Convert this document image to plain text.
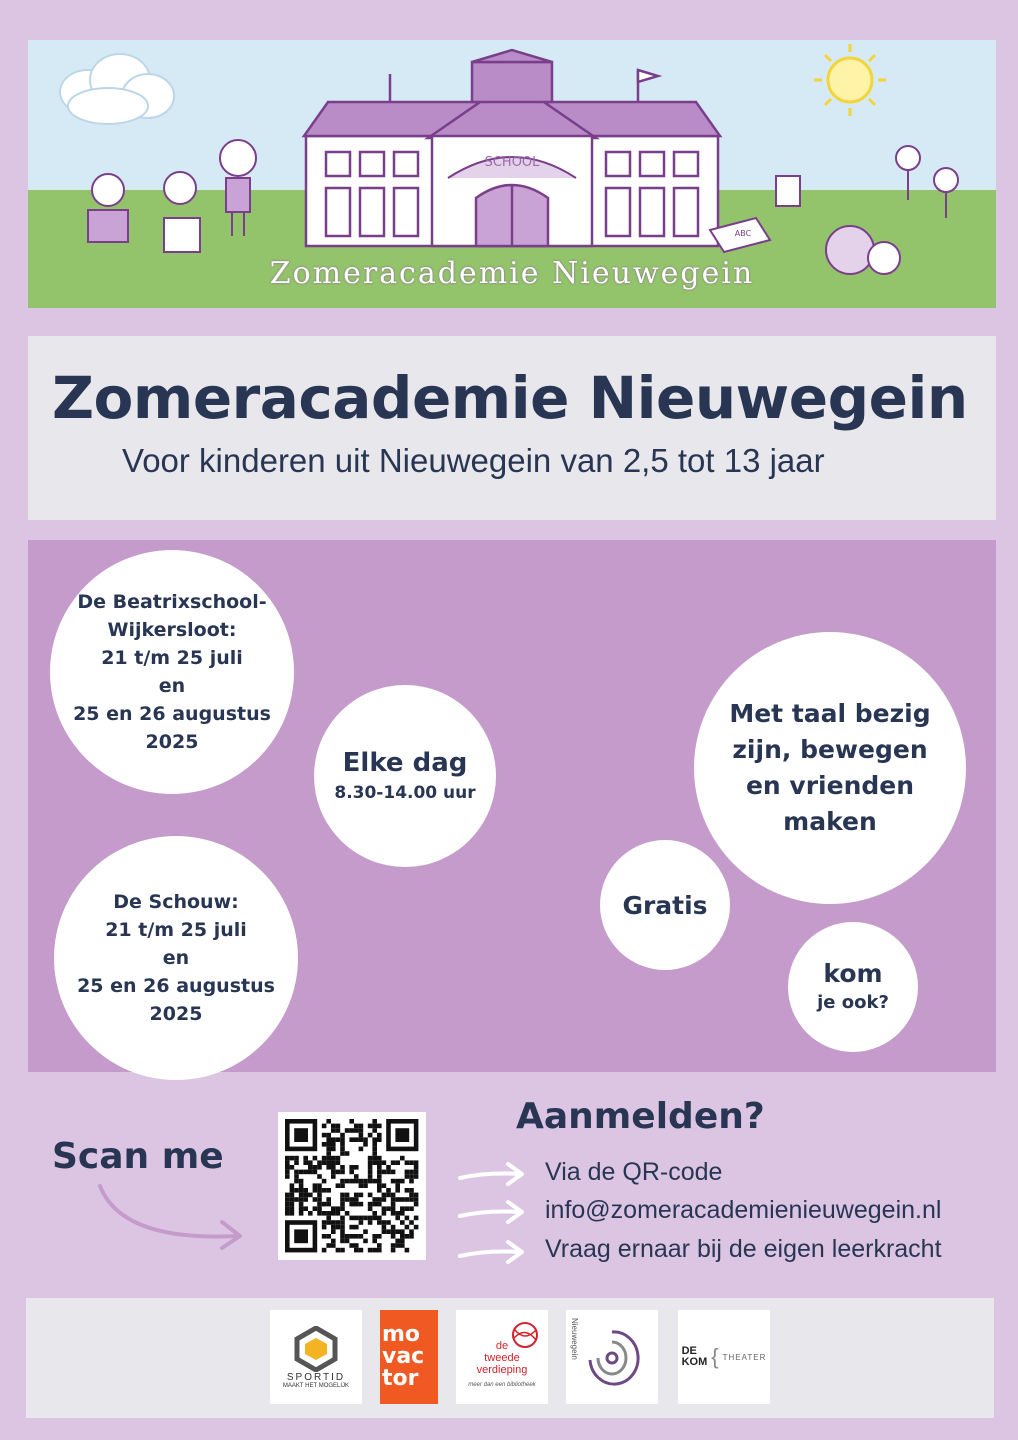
SCHOOL
ABC
Zomeracademie Nieuwegein
Zomeracademie Nieuwegein
Voor kinderen uit Nieuwegein van 2,5 tot 13 jaar
De Beatrixschool-
Wijkersloot:
21 t/m 25 juli
en
25 en 26 augustus
2025
Elke dag
8.30-14.00 uur
De Schouw:
21 t/m 25 juli
en
25 en 26 augustus
2025
Met taal bezig
zijn, bewegen
en vrienden
maken
Gratis
kom
je ook?
Scan me
Aanmelden?
Via de QR-code
info@zomeracademienieuwegein.nl
Vraag ernaar bij de eigen leerkracht
SPORTID
MAAKT HET MOGELIJK
mo
vac
tor
de
tweede
verdieping
meer dan een bibliotheek
Nieuwegein	DE
KOM { THEATER
